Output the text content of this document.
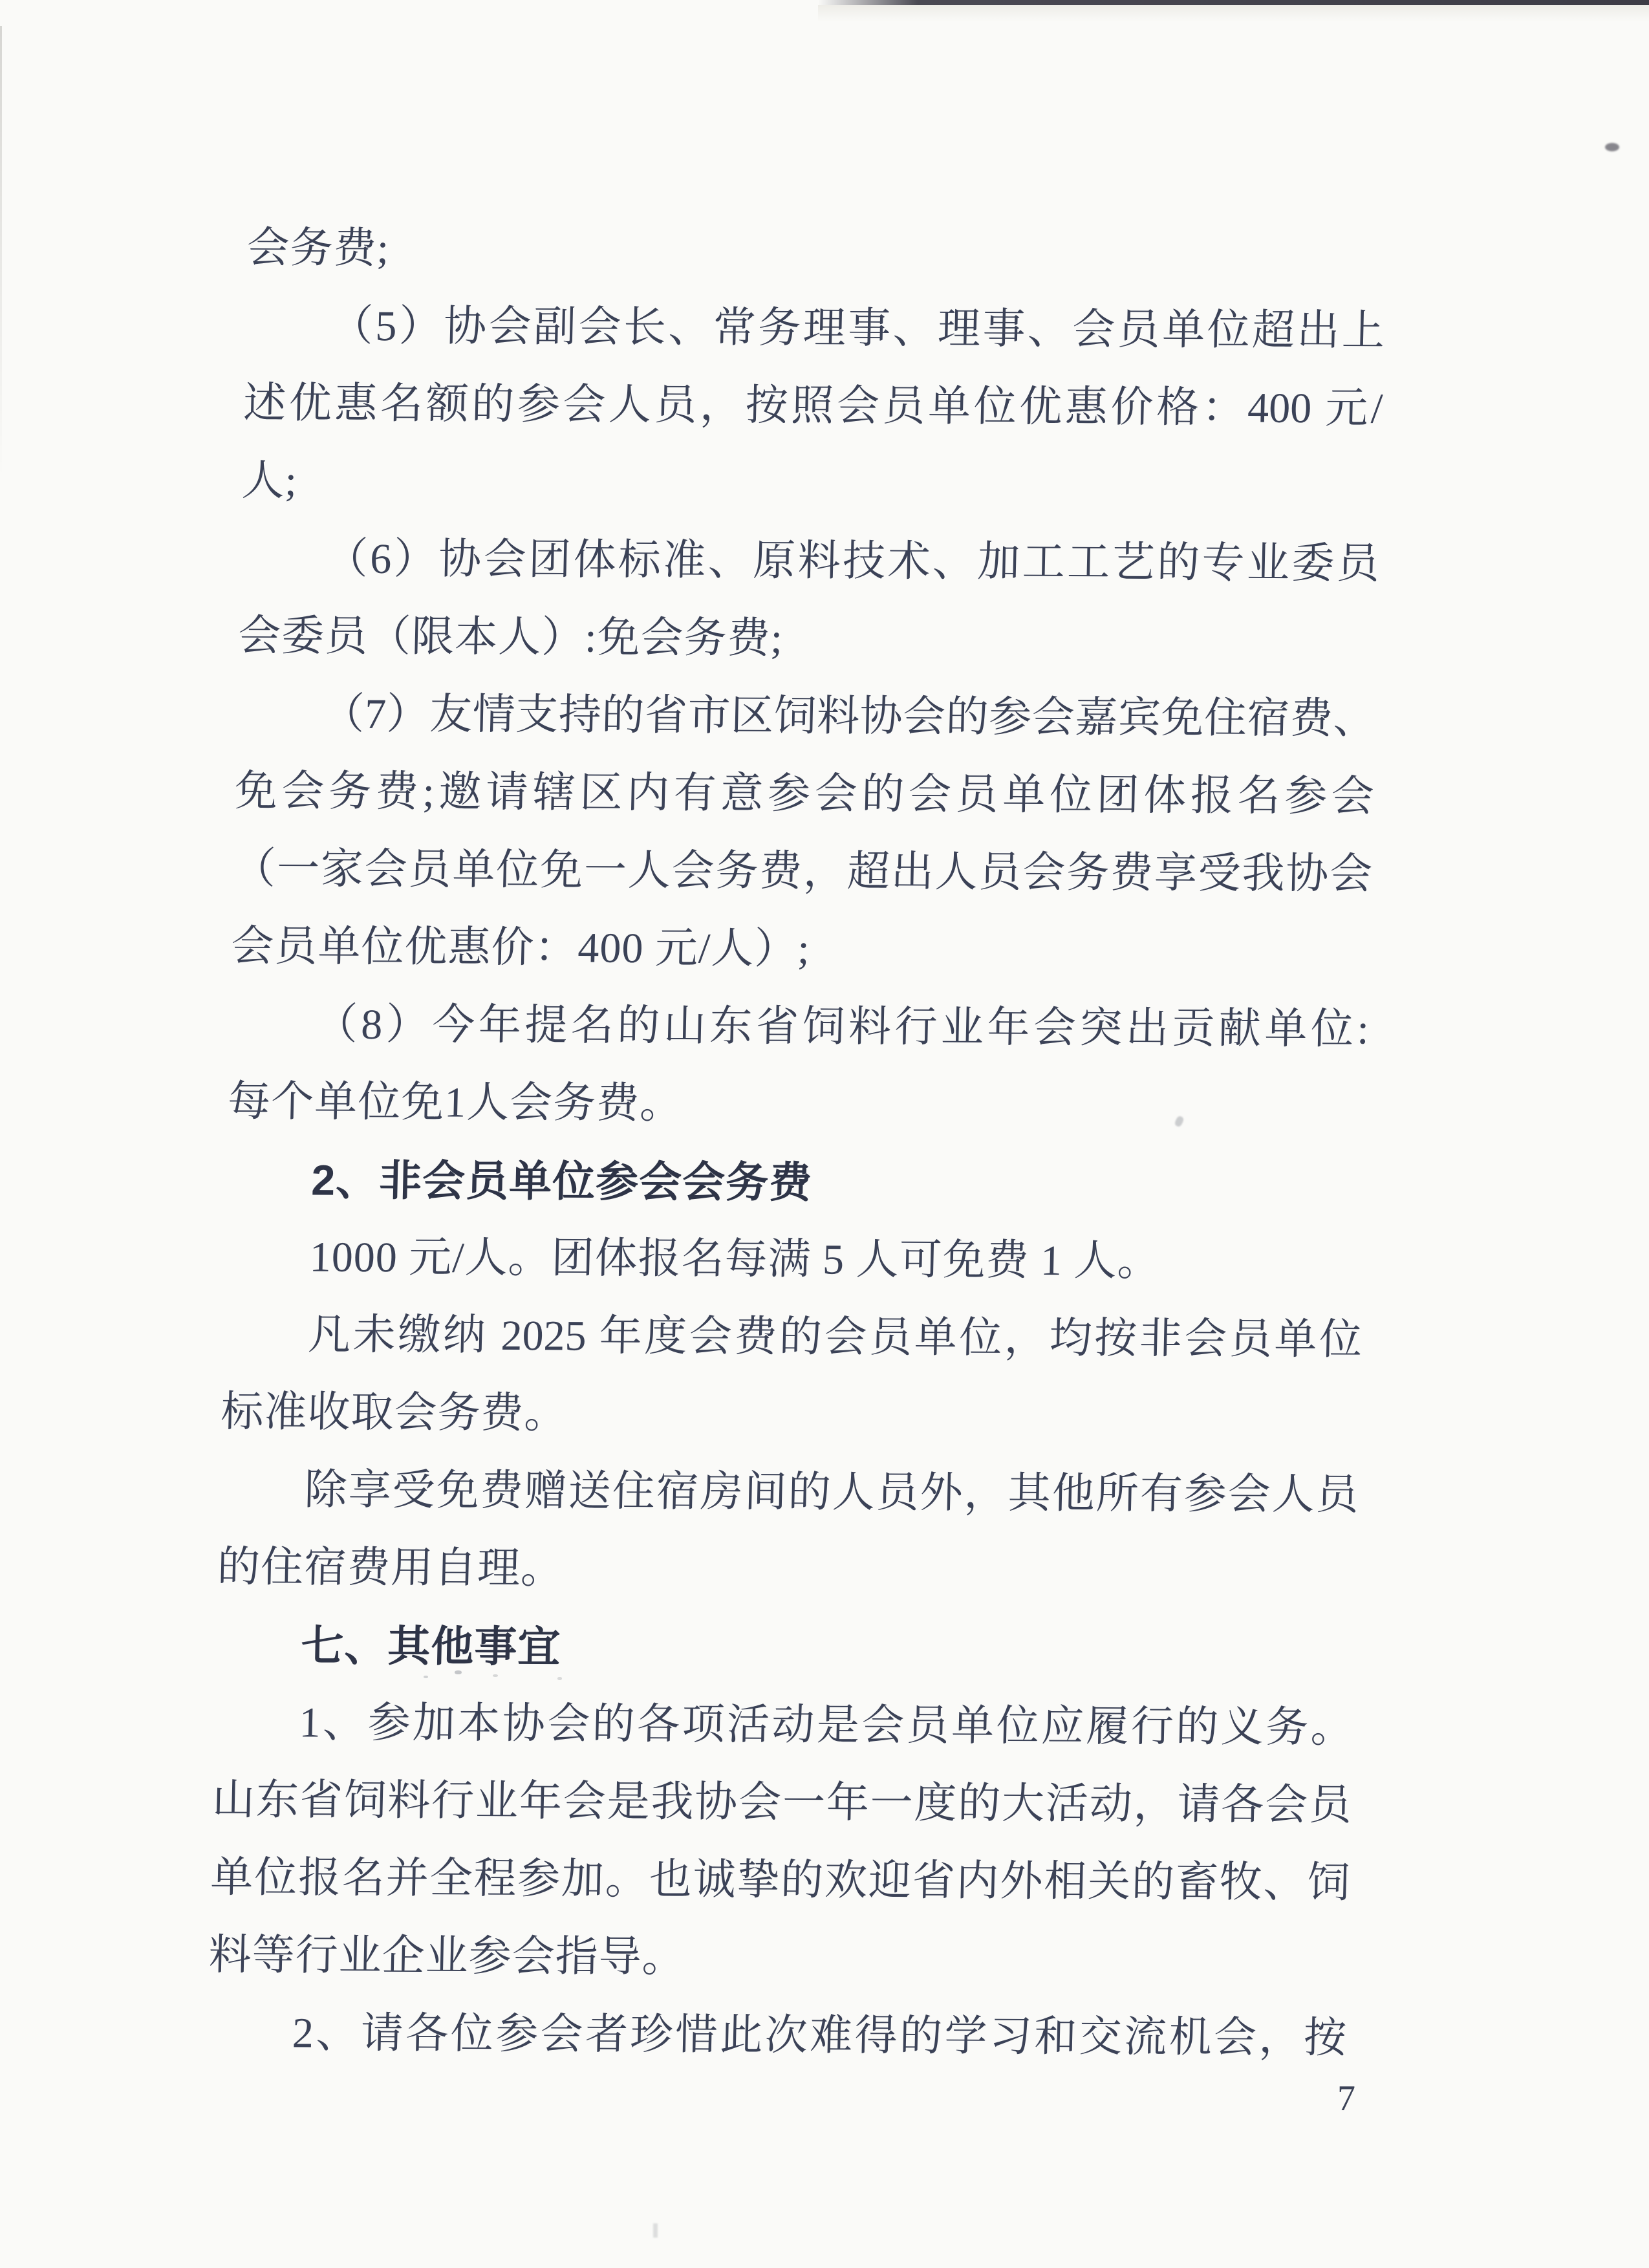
会务费;
（5）协会副会长、常务理事、理事、会员单位超出上
述优惠名额的参会人员，按照会员单位优惠价格：400 元/
人;
（6）协会团体标准、原料技术、加工工艺的专业委员
会委员（限本人）:免会务费;
（7）友情支持的省市区饲料协会的参会嘉宾免住宿费、
免会务费;邀请辖区内有意参会的会员单位团体报名参会
（一家会员单位免一人会务费，超出人员会务费享受我协会
会员单位优惠价：400 元/人）;
（8）今年提名的山东省饲料行业年会突出贡献单位:
每个单位免1人会务费。
2、非会员单位参会会务费
1000 元/人。团体报名每满 5 人可免费 1 人。
凡未缴纳 2025 年度会费的会员单位，均按非会员单位
标准收取会务费。
除享受免费赠送住宿房间的人员外，其他所有参会人员
的住宿费用自理。
七、其他事宜
1、参加本协会的各项活动是会员单位应履行的义务。
山东省饲料行业年会是我协会一年一度的大活动，请各会员
单位报名并全程参加。也诚挚的欢迎省内外相关的畜牧、饲
料等行业企业参会指导。
2、请各位参会者珍惜此次难得的学习和交流机会，按
7
